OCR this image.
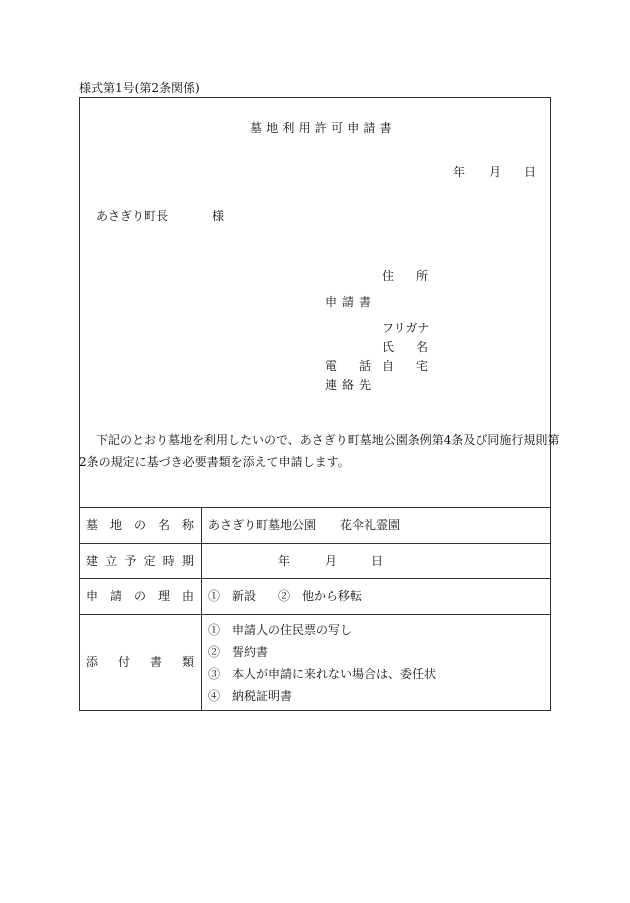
様式第1号(第2条関係)
墓地利用許可申請書
年 月 日
あさぎり町長	様
住 所
申 請 書
フリガナ
氏 名
電 話 自 宅
連 絡 先
下記のとおり墓地を利用したいので、あさぎり町墓地公園条例第4条及び同施行規則第
2条の規定に基づき必要書類を添えて申請します。
墓 地 の 名 称 あさぎり町墓地公園　　花伞礼霊園
建 立 予 定 時 期	年	月	日
申 請 の 理 由 ①　新設 ②　他から移転
添 付 書 類
①　申請人の住民票の写し
②　誓約書
③　本人が申請に来れない場合は、委任状
④　納税証明書
